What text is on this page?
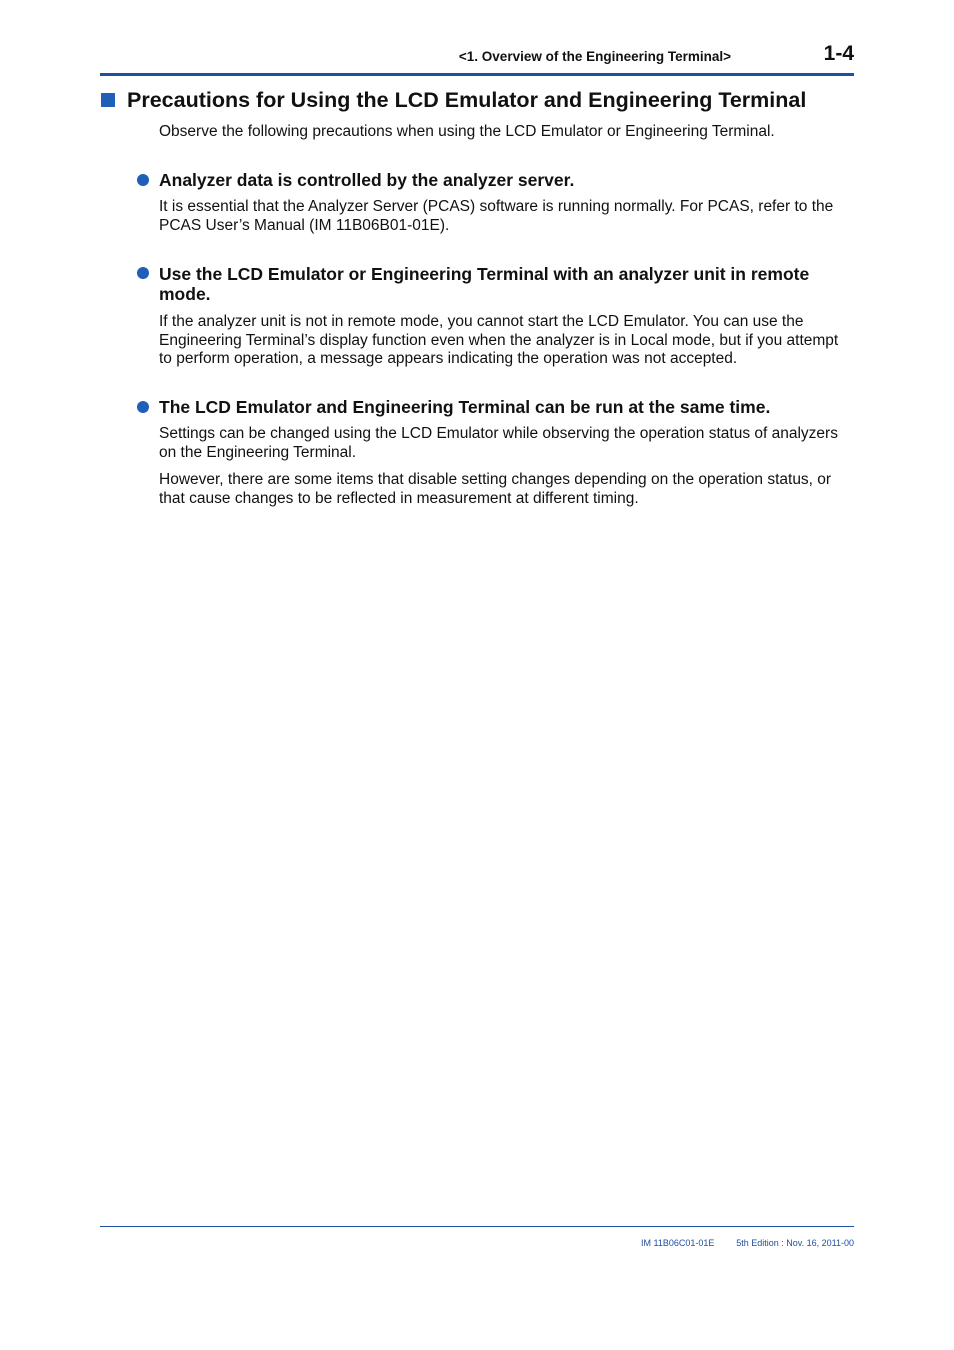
<1. Overview of the Engineering Terminal>	1-4
Precautions for Using the LCD Emulator and Engineering Terminal
Observe the following precautions when using the LCD Emulator or Engineering Terminal.
Analyzer data is controlled by the analyzer server.

It is essential that the Analyzer Server (PCAS) software is running normally. For PCAS, refer to the PCAS User’s Manual (IM 11B06B01-01E).

Use the LCD Emulator or Engineering Terminal with an analyzer unit in remote mode.

If the analyzer unit is not in remote mode, you cannot start the LCD Emulator. You can use the Engineering Terminal’s display function even when the analyzer is in Local mode, but if you attempt to perform operation, a message appears indicating the operation was not accepted.

The LCD Emulator and Engineering Terminal can be run at the same time.

Settings can be changed using the LCD Emulator while observing the operation status of analyzers on the Engineering Terminal.

However, there are some items that disable setting changes depending on the operation status, or that cause changes to be reflected in measurement at different timing.

IM 11B06C01-01E	5th Edition : Nov. 16, 2011-00
